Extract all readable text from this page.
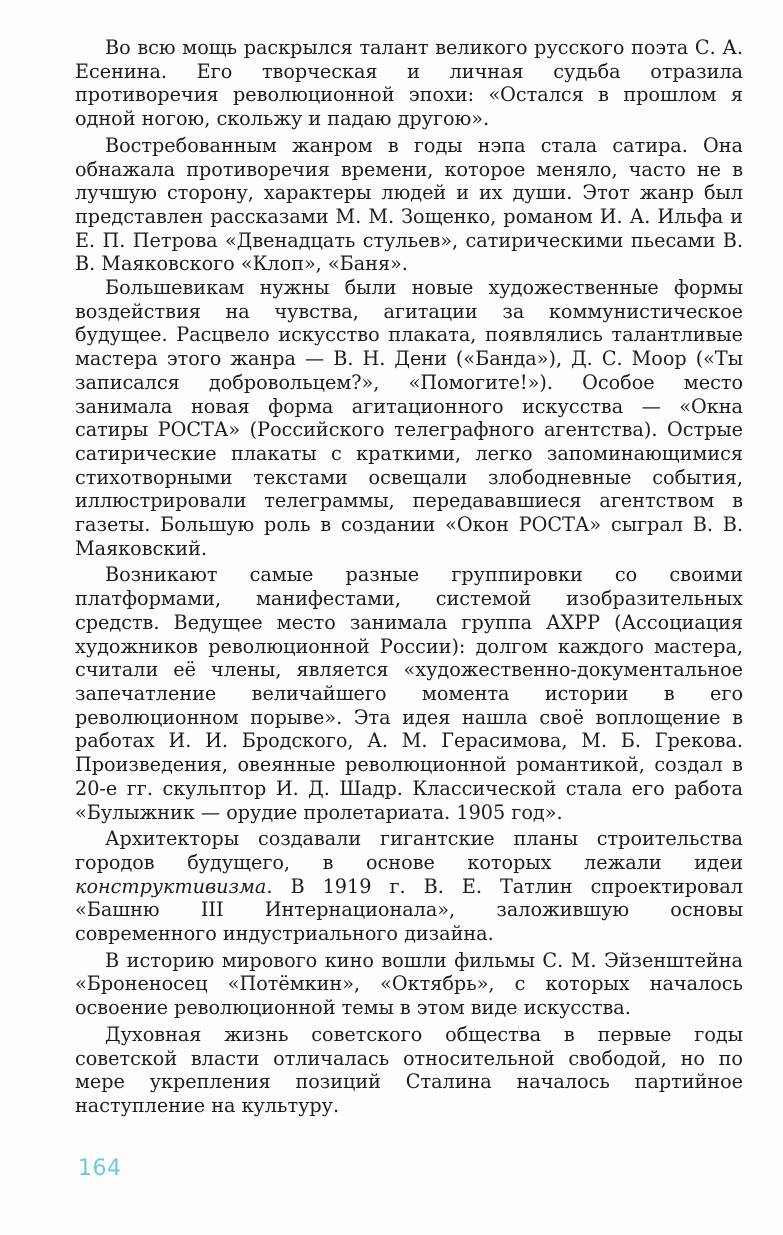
Во всю мощь раскрылся талант великого русского поэта С. А. Есенина. Его творческая и личная судьба отразила противоречия революционной эпохи: «Остался в прошлом я одной ногою, скольжу и падаю другою».

Востребованным жанром в годы нэпа стала сатира. Она обнажала противоречия времени, которое меняло, часто не в лучшую сторону, характеры людей и их души. Этот жанр был представлен рассказами М. М. Зощенко, романом И. А. Ильфа и Е. П. Петрова «Двенадцать стульев», сатирическими пьесами В. В. Маяковского «Клоп», «Баня».

Большевикам нужны были новые художественные формы воздействия на чувства, агитации за коммунистическое будущее. Расцвело искусство плаката, появлялись талантливые мастера этого жанра — В. Н. Дени («Банда»), Д. С. Моор («Ты записался добровольцем?», «Помогите!»). Особое место занимала новая форма агитационного искусства — «Окна сатиры РОСТА» (Российского телеграфного агентства). Острые сатирические плакаты с краткими, легко запоминающимися стихотворными текстами освещали злободневные события, иллюстрировали телеграммы, передававшиеся агентством в газеты. Большую роль в создании «Окон РОСТА» сыграл В. В. Маяковский.

Возникают самые разные группировки со своими платформами, манифестами, системой изобразительных средств. Ведущее место занимала группа АХРР (Ассоциация художников революционной России): долгом каждого мастера, считали её члены, является «художественно-документальное запечатление величайшего момента истории в его революционном порыве». Эта идея нашла своё воплощение в работах И. И. Бродского, А. М. Герасимова, М. Б. Грекова. Произведения, овеянные революционной романтикой, создал в 20-е гг. скульптор И. Д. Шадр. Классической стала его работа «Булыжник — орудие пролетариата. 1905 год».

Архитекторы создавали гигантские планы строительства городов будущего, в основе которых лежали идеи конструктивизма. В 1919 г. В. Е. Татлин спроектировал «Башню III Интернационала», заложившую основы современного индустриального дизайна.

В историю мирового кино вошли фильмы С. М. Эйзенштейна «Броненосец «Потёмкин», «Октябрь», с которых началось освоение революционной темы в этом виде искусства.

Духовная жизнь советского общества в первые годы советской власти отличалась относительной свободой, но по мере укрепления позиций Сталина началось партийное наступление на культуру.

164
